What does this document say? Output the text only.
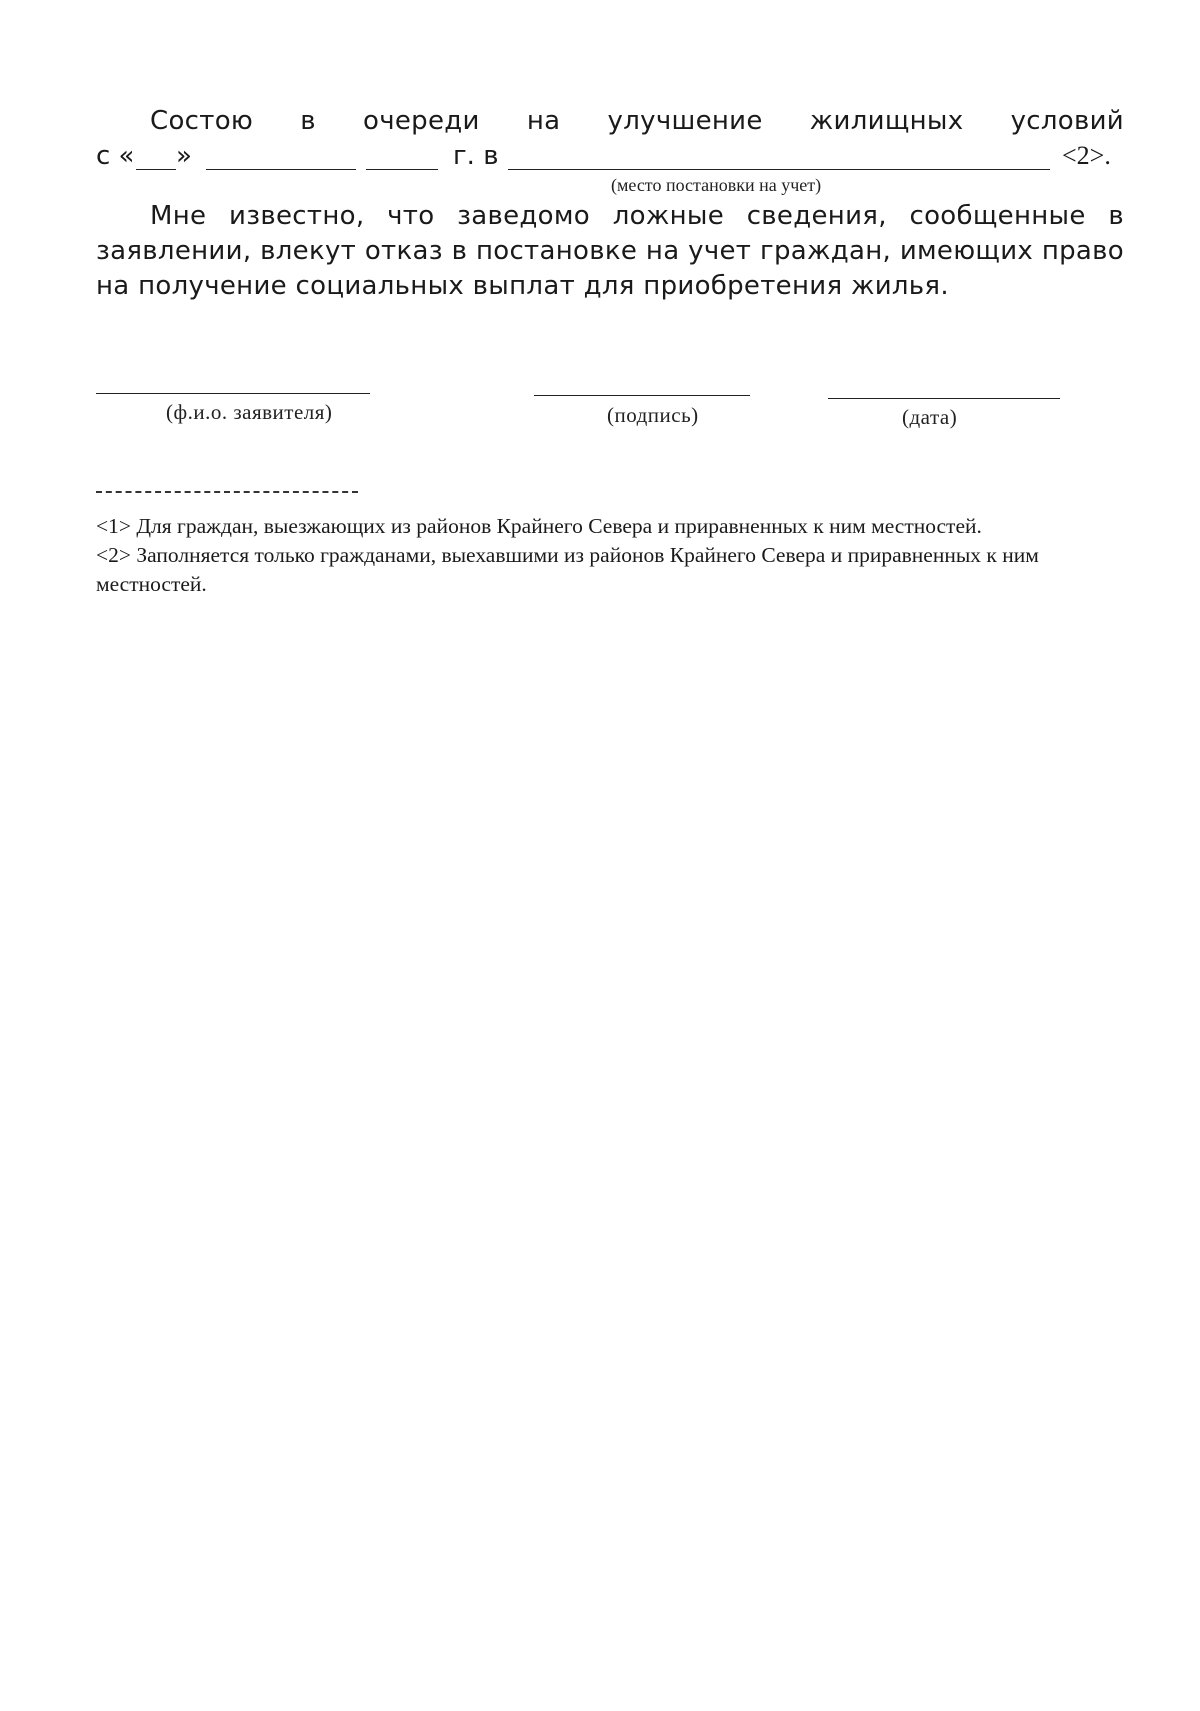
Состою в очереди на улучшение жилищных условий
с « »	г. в	<2>.
(место постановки на учет)
Мне известно, что заведомо ложные сведения, сообщенные в заявлении, влекут отказ в постановке на учет граждан, имеющих право на получение социальных выплат для приобретения жилья.
(ф.и.о. заявителя)	(подпись)	(дата)

<1> Для граждан, выезжающих из районов Крайнего Севера и приравненных к ним местностей.

<2> Заполняется только гражданами, выехавшими из районов Крайнего Севера и приравненных к ним местностей.
